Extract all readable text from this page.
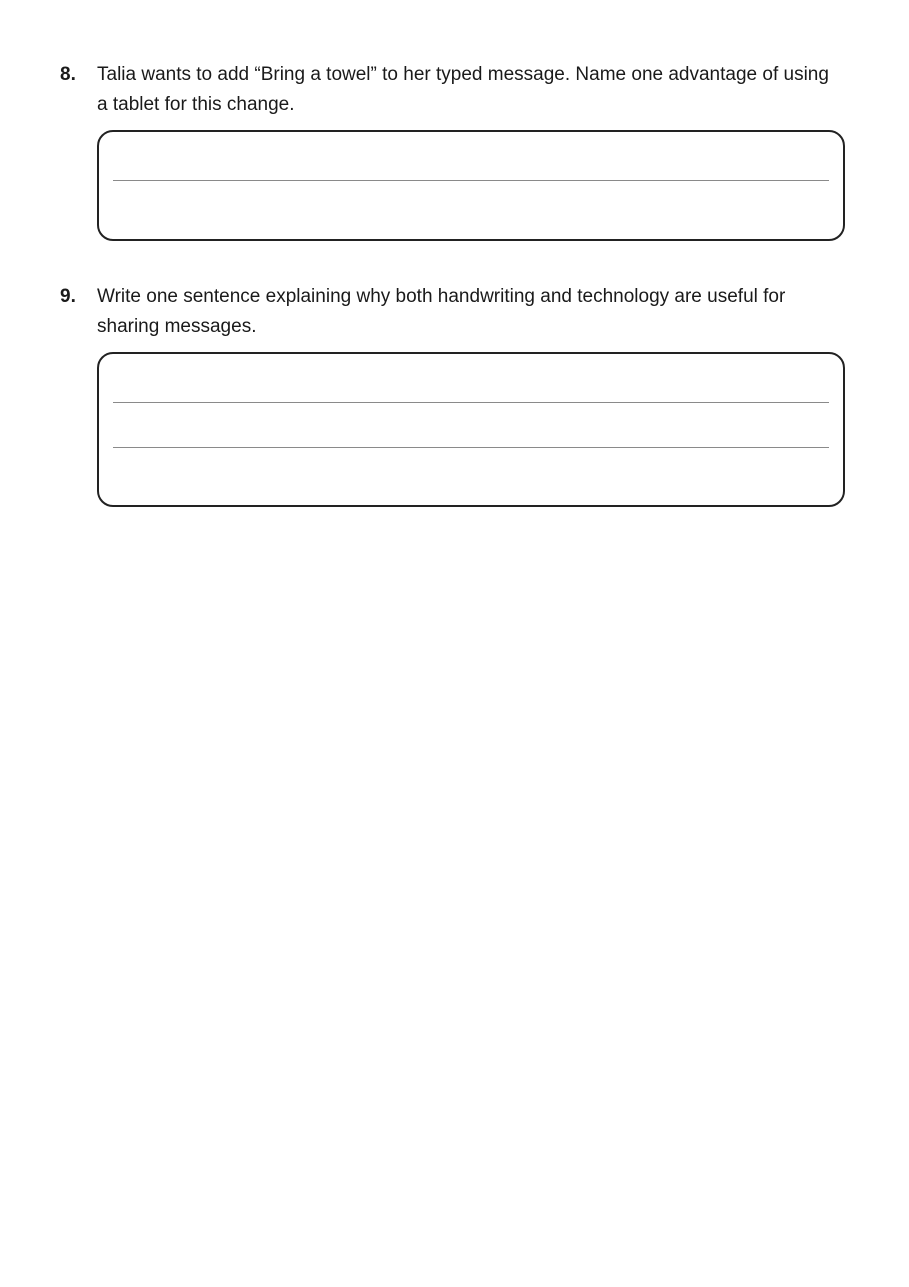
8.	Talia wants to add “Bring a towel” to her typed message. Name one advantage of using a tablet for this change.
9.	Write one sentence explaining why both handwriting and technology are useful for sharing messages.
